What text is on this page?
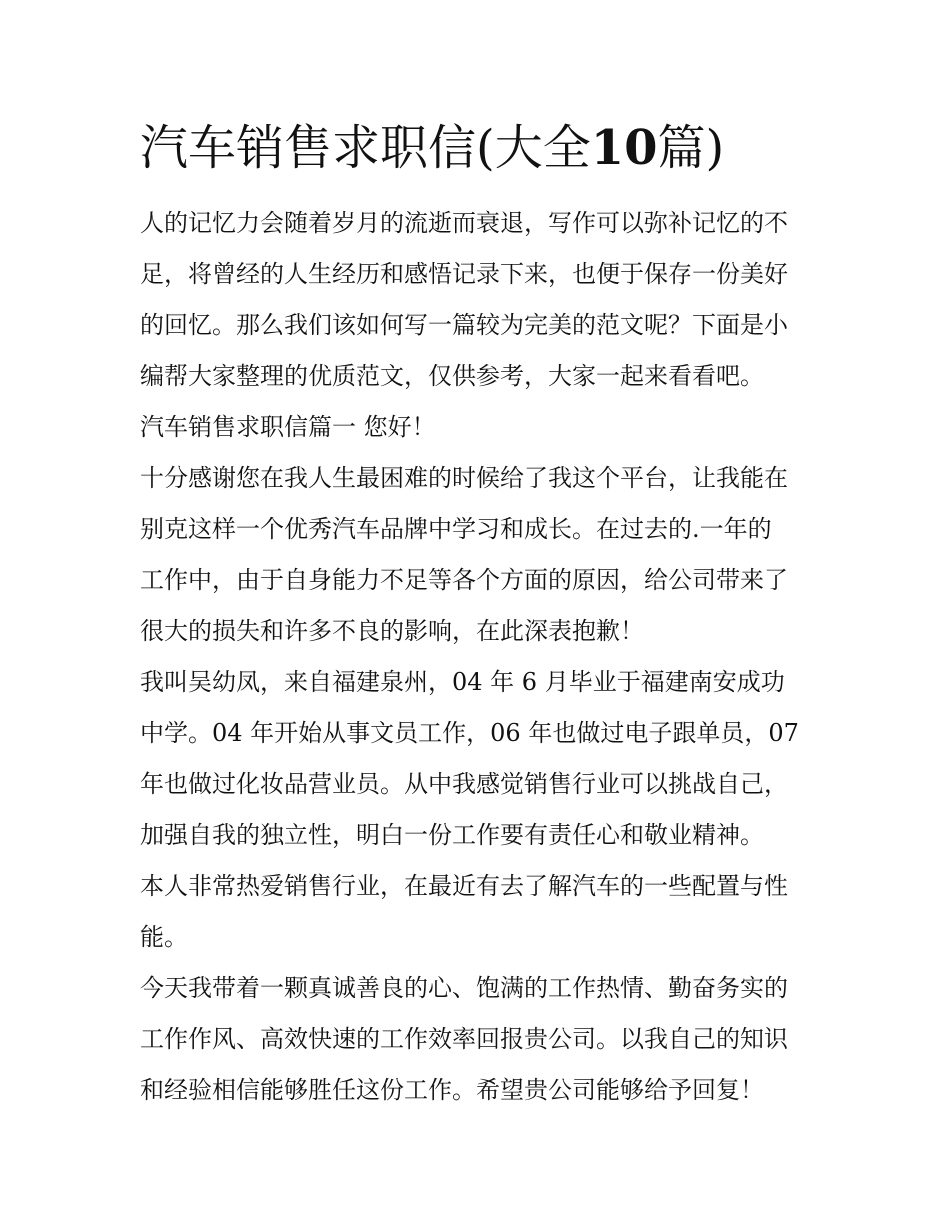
汽车销售求职信(大全10篇)
人的记忆力会随着岁月的流逝而衰退，写作可以弥补记忆的不
足，将曾经的人生经历和感悟记录下来，也便于保存一份美好
的回忆。那么我们该如何写一篇较为完美的范文呢？下面是小
编帮大家整理的优质范文，仅供参考，大家一起来看看吧。
汽车销售求职信篇一 您好！
十分感谢您在我人生最困难的时候给了我这个平台，让我能在
别克这样一个优秀汽车品牌中学习和成长。在过去的.一年的
工作中，由于自身能力不足等各个方面的原因，给公司带来了
很大的损失和许多不良的影响，在此深表抱歉！
我叫吴幼凤，来自福建泉州，04 年 6 月毕业于福建南安成功
中学。04 年开始从事文员工作，06 年也做过电子跟单员，07
年也做过化妆品营业员。从中我感觉销售行业可以挑战自己，
加强自我的独立性，明白一份工作要有责任心和敬业精神。
本人非常热爱销售行业，在最近有去了解汽车的一些配置与性
能。
今天我带着一颗真诚善良的心、饱满的工作热情、勤奋务实的
工作作风、高效快速的工作效率回报贵公司。以我自己的知识
和经验相信能够胜任这份工作。希望贵公司能够给予回复！
